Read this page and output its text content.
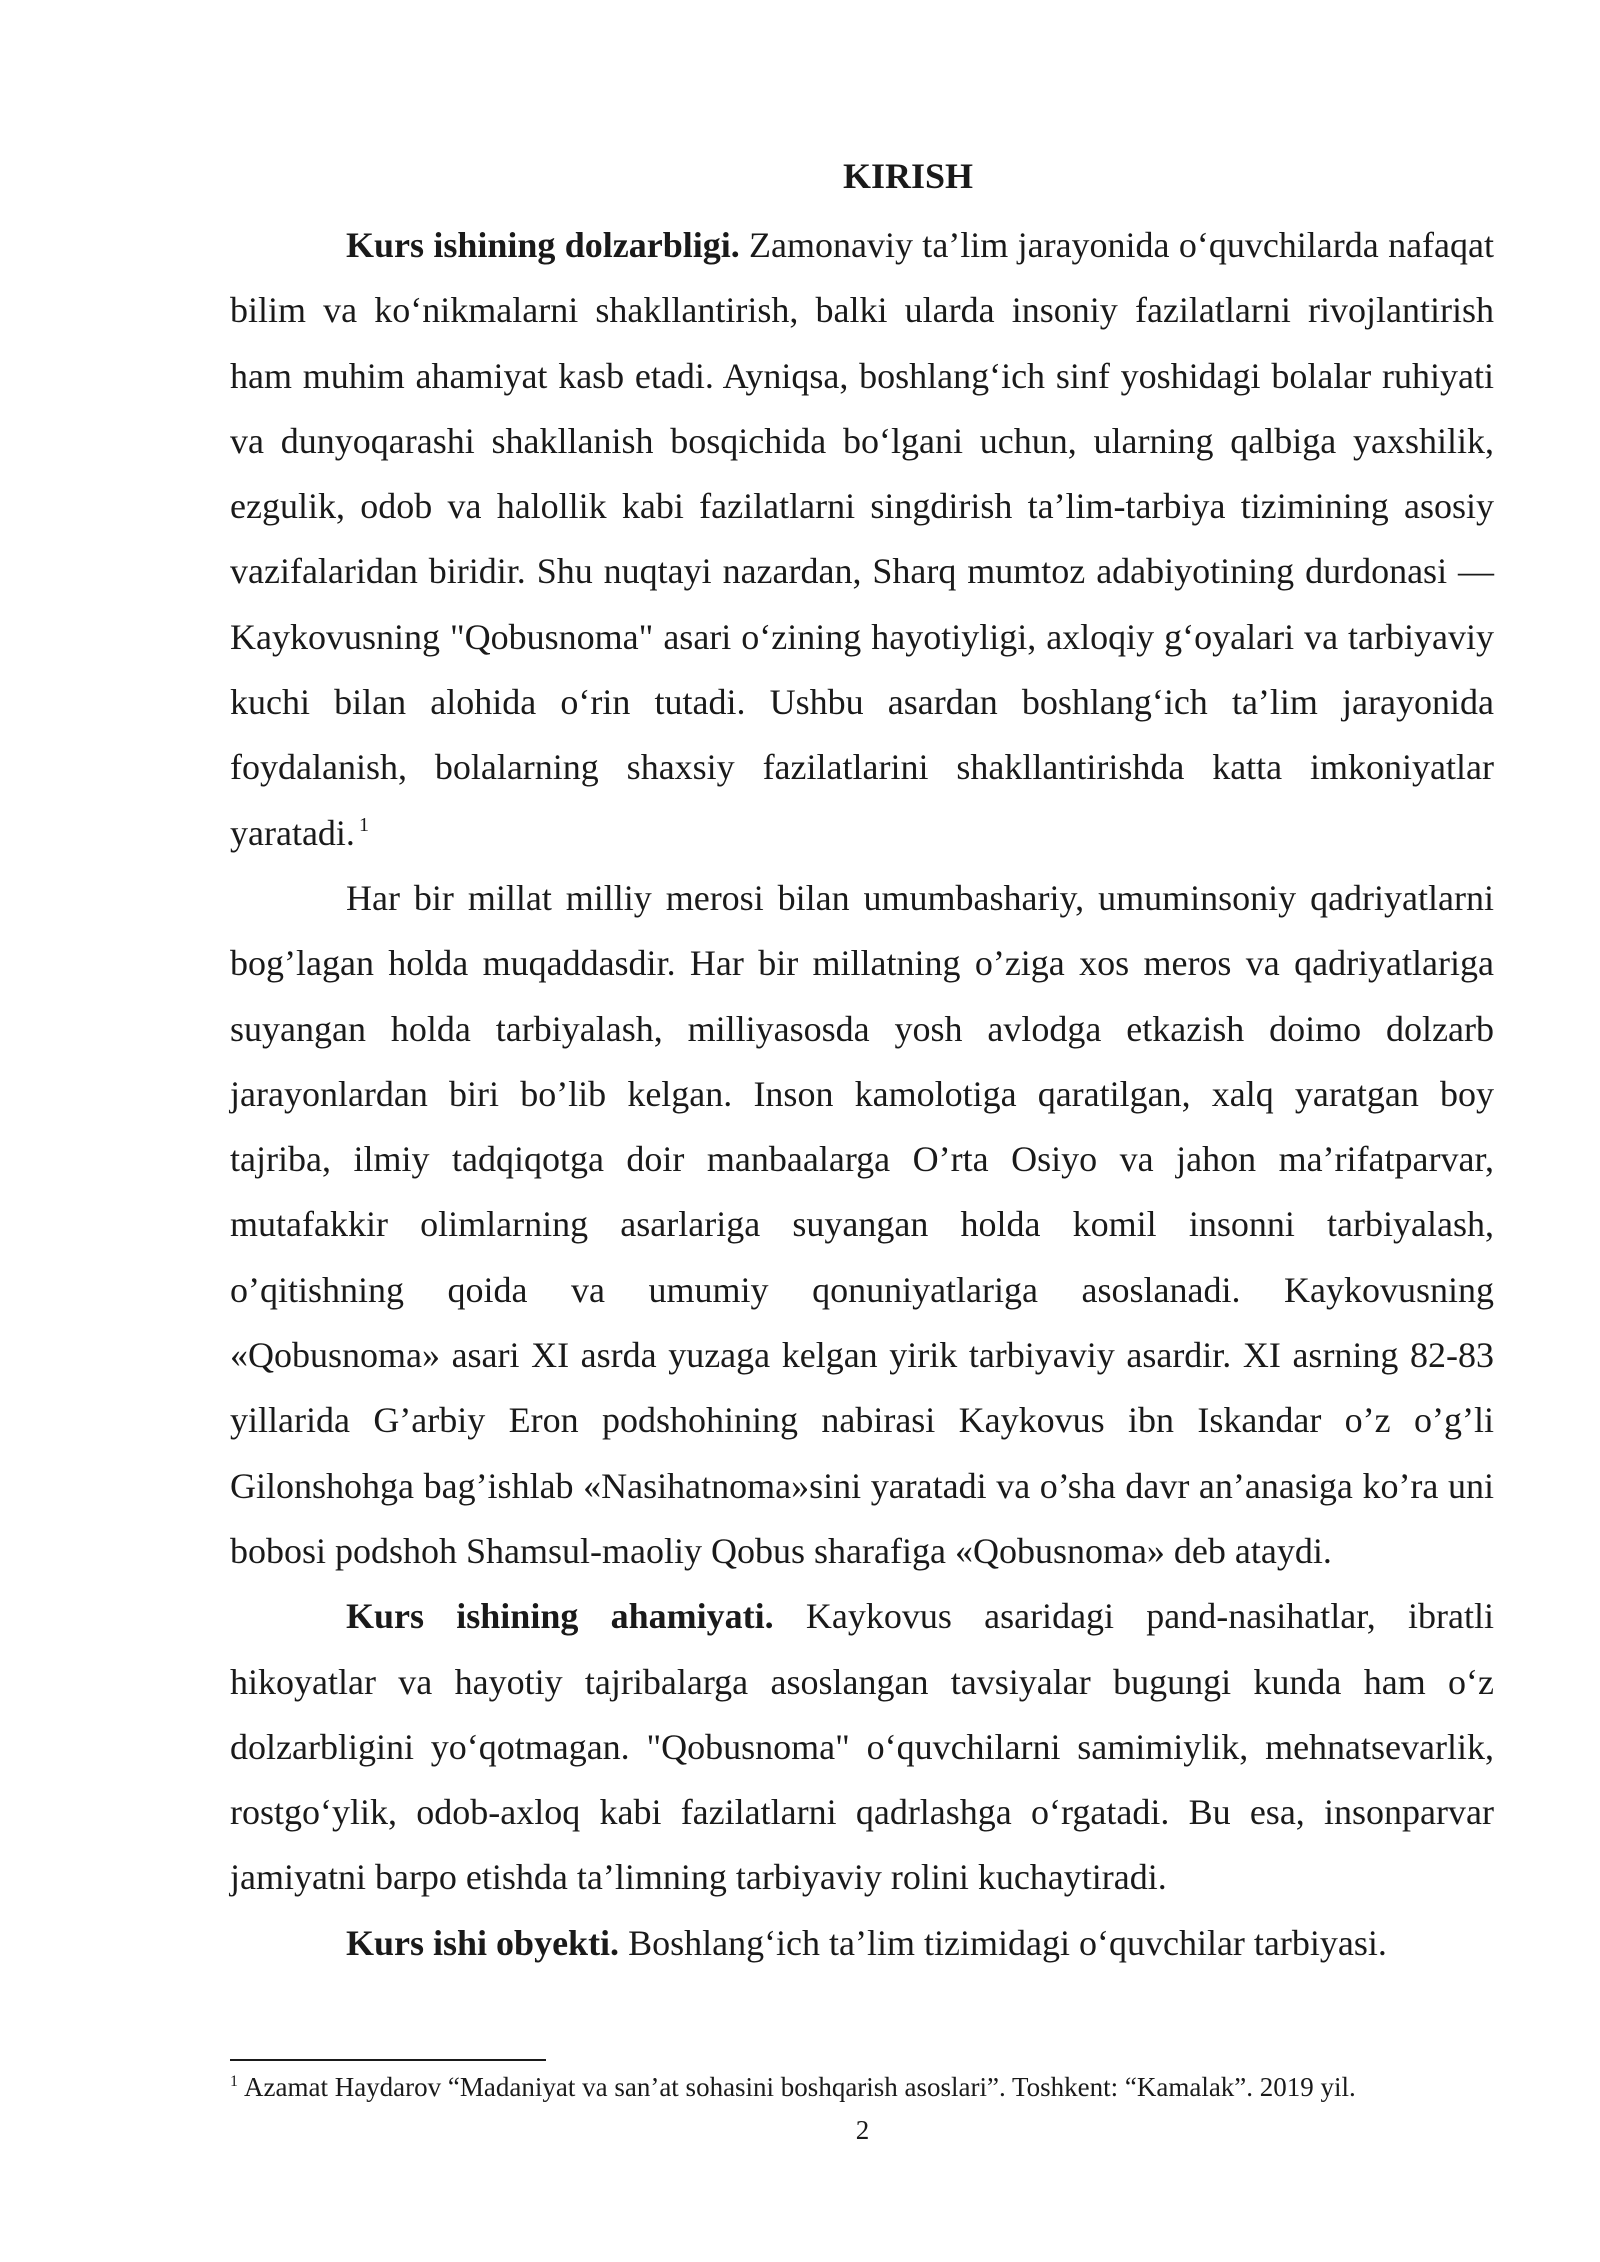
KIRISH

Kurs ishining dolzarbligi. Zamonaviy ta’lim jarayonida o‘quvchilarda nafaqat bilim va ko‘nikmalarni shakllantirish, balki ularda insoniy fazilatlarni rivojlantirish ham muhim ahamiyat kasb etadi. Ayniqsa, boshlang‘ich sinf yoshidagi bolalar ruhiyati va dunyoqarashi shakllanish bosqichida bo‘lgani uchun, ularning qalbiga yaxshilik, ezgulik, odob va halollik kabi fazilatlarni singdirish ta’lim-tarbiya tizimining asosiy vazifalaridan biridir. Shu nuqtayi nazardan, Sharq mumtoz adabiyotining durdonasi — Kaykovusning "Qobusnoma" asari o‘zining hayotiyligi, axloqiy g‘oyalari va tarbiyaviy kuchi bilan alohida o‘rin tutadi. Ushbu asardan boshlang‘ich ta’lim jarayonida foydalanish, bolalarning shaxsiy fazilatlarini shakllantirishda katta imkoniyatlar yaratadi. $^1$

Har bir millat milliy merosi bilan umumbashariy, umuminsoniy qadriyatlarni bog’lagan holda muqaddasdir. Har bir millatning o’ziga xos meros va qadriyatlariga suyangan holda tarbiyalash, milliyasosda yosh avlodga etkazish doimo dolzarb jarayonlardan biri bo’lib kelgan. Inson kamolotiga qaratilgan, xalq yaratgan boy tajriba, ilmiy tadqiqotga doir manbaalarga O’rta Osiyo va jahon ma’rifatparvar, mutafakkir olimlarning asarlariga suyangan holda komil insonni tarbiyalash, o’qitishning qoida va umumiy qonuniyatlariga asoslanadi. Kaykovusning «Qobusnoma» asari XI asrda yuzaga kelgan yirik tarbiyaviy asardir. XI asrning 82-83 yillarida G’arbiy Eron podshohining nabirasi Kaykovus ibn Iskandar o’z o’g’li Gilonshohga bag’ishlab «Nasihatnoma»sini yaratadi va o’sha davr an’anasiga ko’ra uni bobosi podshoh Shamsul-maoliy Qobus sharafiga «Qobusnoma» deb ataydi.

Kurs ishining ahamiyati. Kaykovus asaridagi pand-nasihatlar, ibratli hikoyatlar va hayotiy tajribalarga asoslangan tavsiyalar bugungi kunda ham o‘z dolzarbligini yo‘qotmagan. "Qobusnoma" o‘quvchilarni samimiylik, mehnatsevarlik, rostgo‘ylik, odob-axloq kabi fazilatlarni qadrlashga o‘rgatadi. Bu esa, insonparvar jamiyatni barpo etishda ta’limning tarbiyaviy rolini kuchaytiradi.

Kurs ishi obyekti. Boshlang‘ich ta’lim tizimidagi o‘quvchilar tarbiyasi.

$^1$ Azamat Haydarov “Madaniyat va san’at sohasini boshqarish asoslari”. Toshkent: “Kamalak”. 2019 yil.

2
